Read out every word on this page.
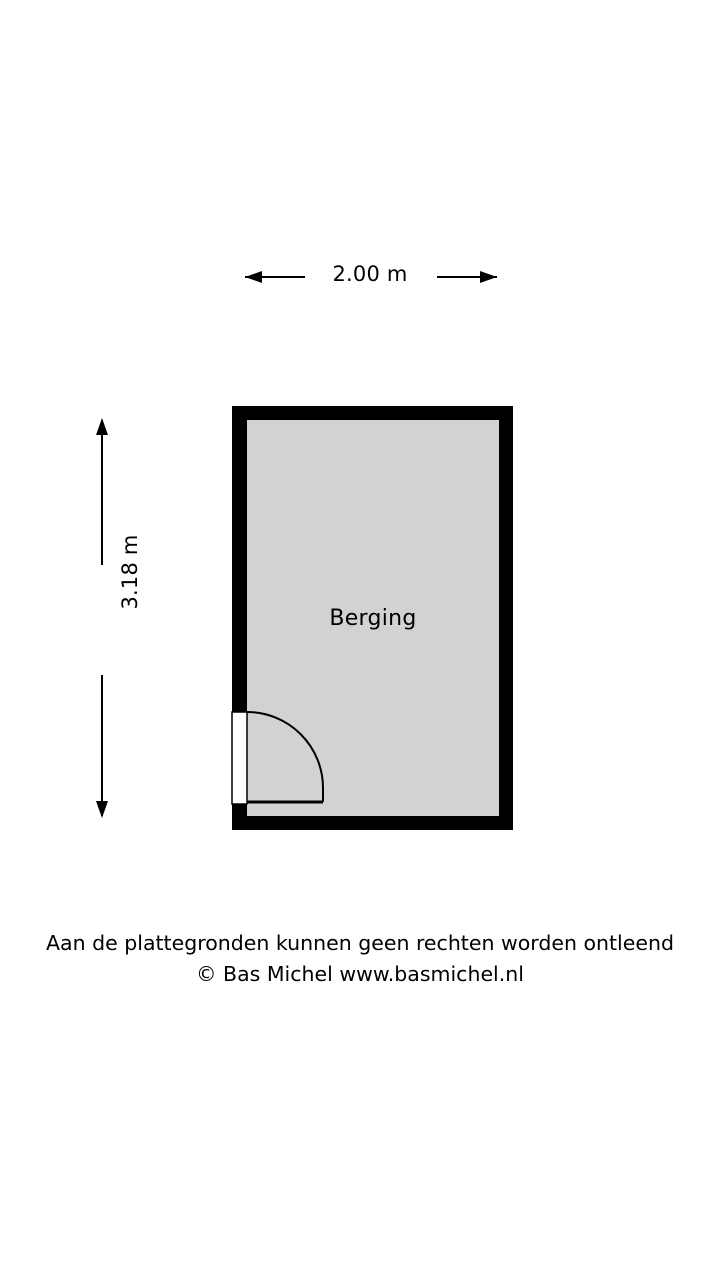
2.00 m
3.18 m
Berging
Aan de plattegronden kunnen geen rechten worden ontleend
© Bas Michel www.basmichel.nl
